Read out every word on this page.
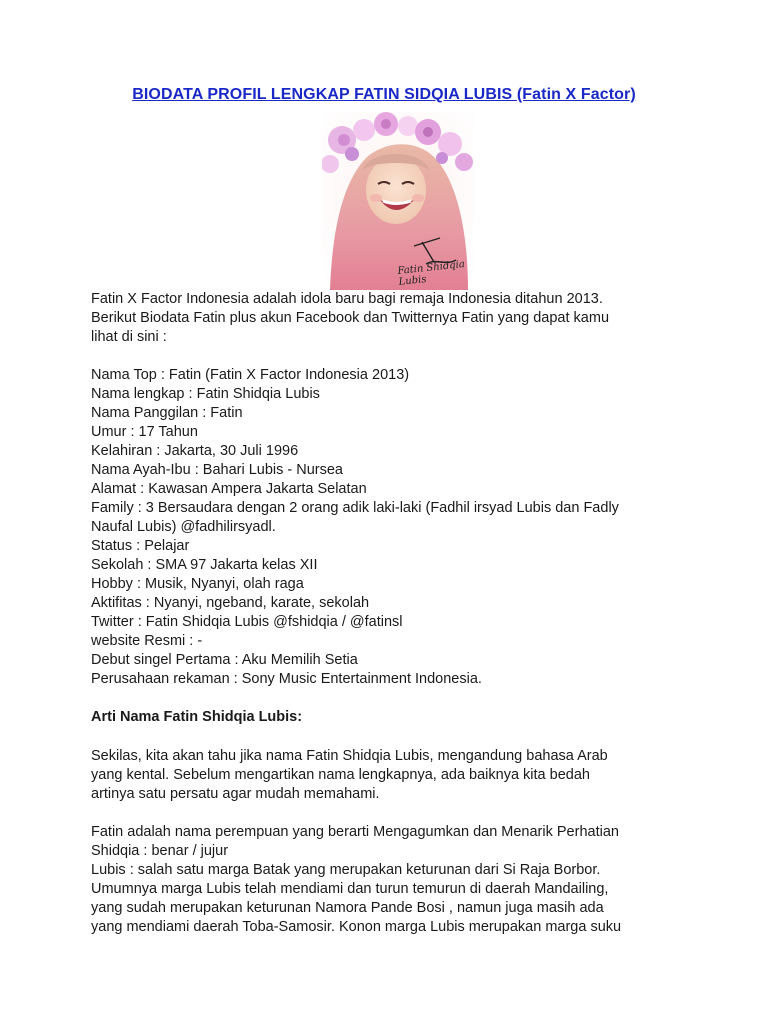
BIODATA PROFIL LENGKAP FATIN SIDQIA LUBIS (Fatin X Factor)
Fatin Shidqia Lubis
Fatin X Factor Indonesia adalah idola baru bagi remaja Indonesia ditahun 2013.
Berikut Biodata Fatin plus akun Facebook dan Twitternya Fatin yang dapat kamu
lihat di sini :
Nama Top : Fatin (Fatin X Factor Indonesia 2013)
Nama lengkap : Fatin Shidqia Lubis
Nama Panggilan : Fatin
Umur : 17 Tahun
Kelahiran : Jakarta, 30 Juli 1996
Nama Ayah-Ibu : Bahari Lubis - Nursea
Alamat : Kawasan Ampera Jakarta Selatan
Family : 3 Bersaudara dengan 2 orang adik laki-laki (Fadhil irsyad Lubis dan Fadly
Naufal Lubis) @fadhilirsyadl.
Status : Pelajar
Sekolah : SMA 97 Jakarta kelas XII
Hobby : Musik, Nyanyi, olah raga
Aktifitas : Nyanyi, ngeband, karate, sekolah
Twitter : Fatin Shidqia Lubis @fshidqia / @fatinsl
website Resmi : -
Debut singel Pertama : Aku Memilih Setia
Perusahaan rekaman : Sony Music Entertainment Indonesia.
Arti Nama Fatin Shidqia Lubis:
Sekilas, kita akan tahu jika nama Fatin Shidqia Lubis, mengandung bahasa Arab
yang kental. Sebelum mengartikan nama lengkapnya, ada baiknya kita bedah
artinya satu persatu agar mudah memahami.
Fatin adalah nama perempuan yang berarti Mengagumkan dan Menarik Perhatian
Shidqia : benar / jujur
Lubis : salah satu marga Batak yang merupakan keturunan dari Si Raja Borbor.
Umumnya marga Lubis telah mendiami dan turun temurun di daerah Mandailing,
yang sudah merupakan keturunan Namora Pande Bosi , namun juga masih ada
yang mendiami daerah Toba-Samosir. Konon marga Lubis merupakan marga suku
